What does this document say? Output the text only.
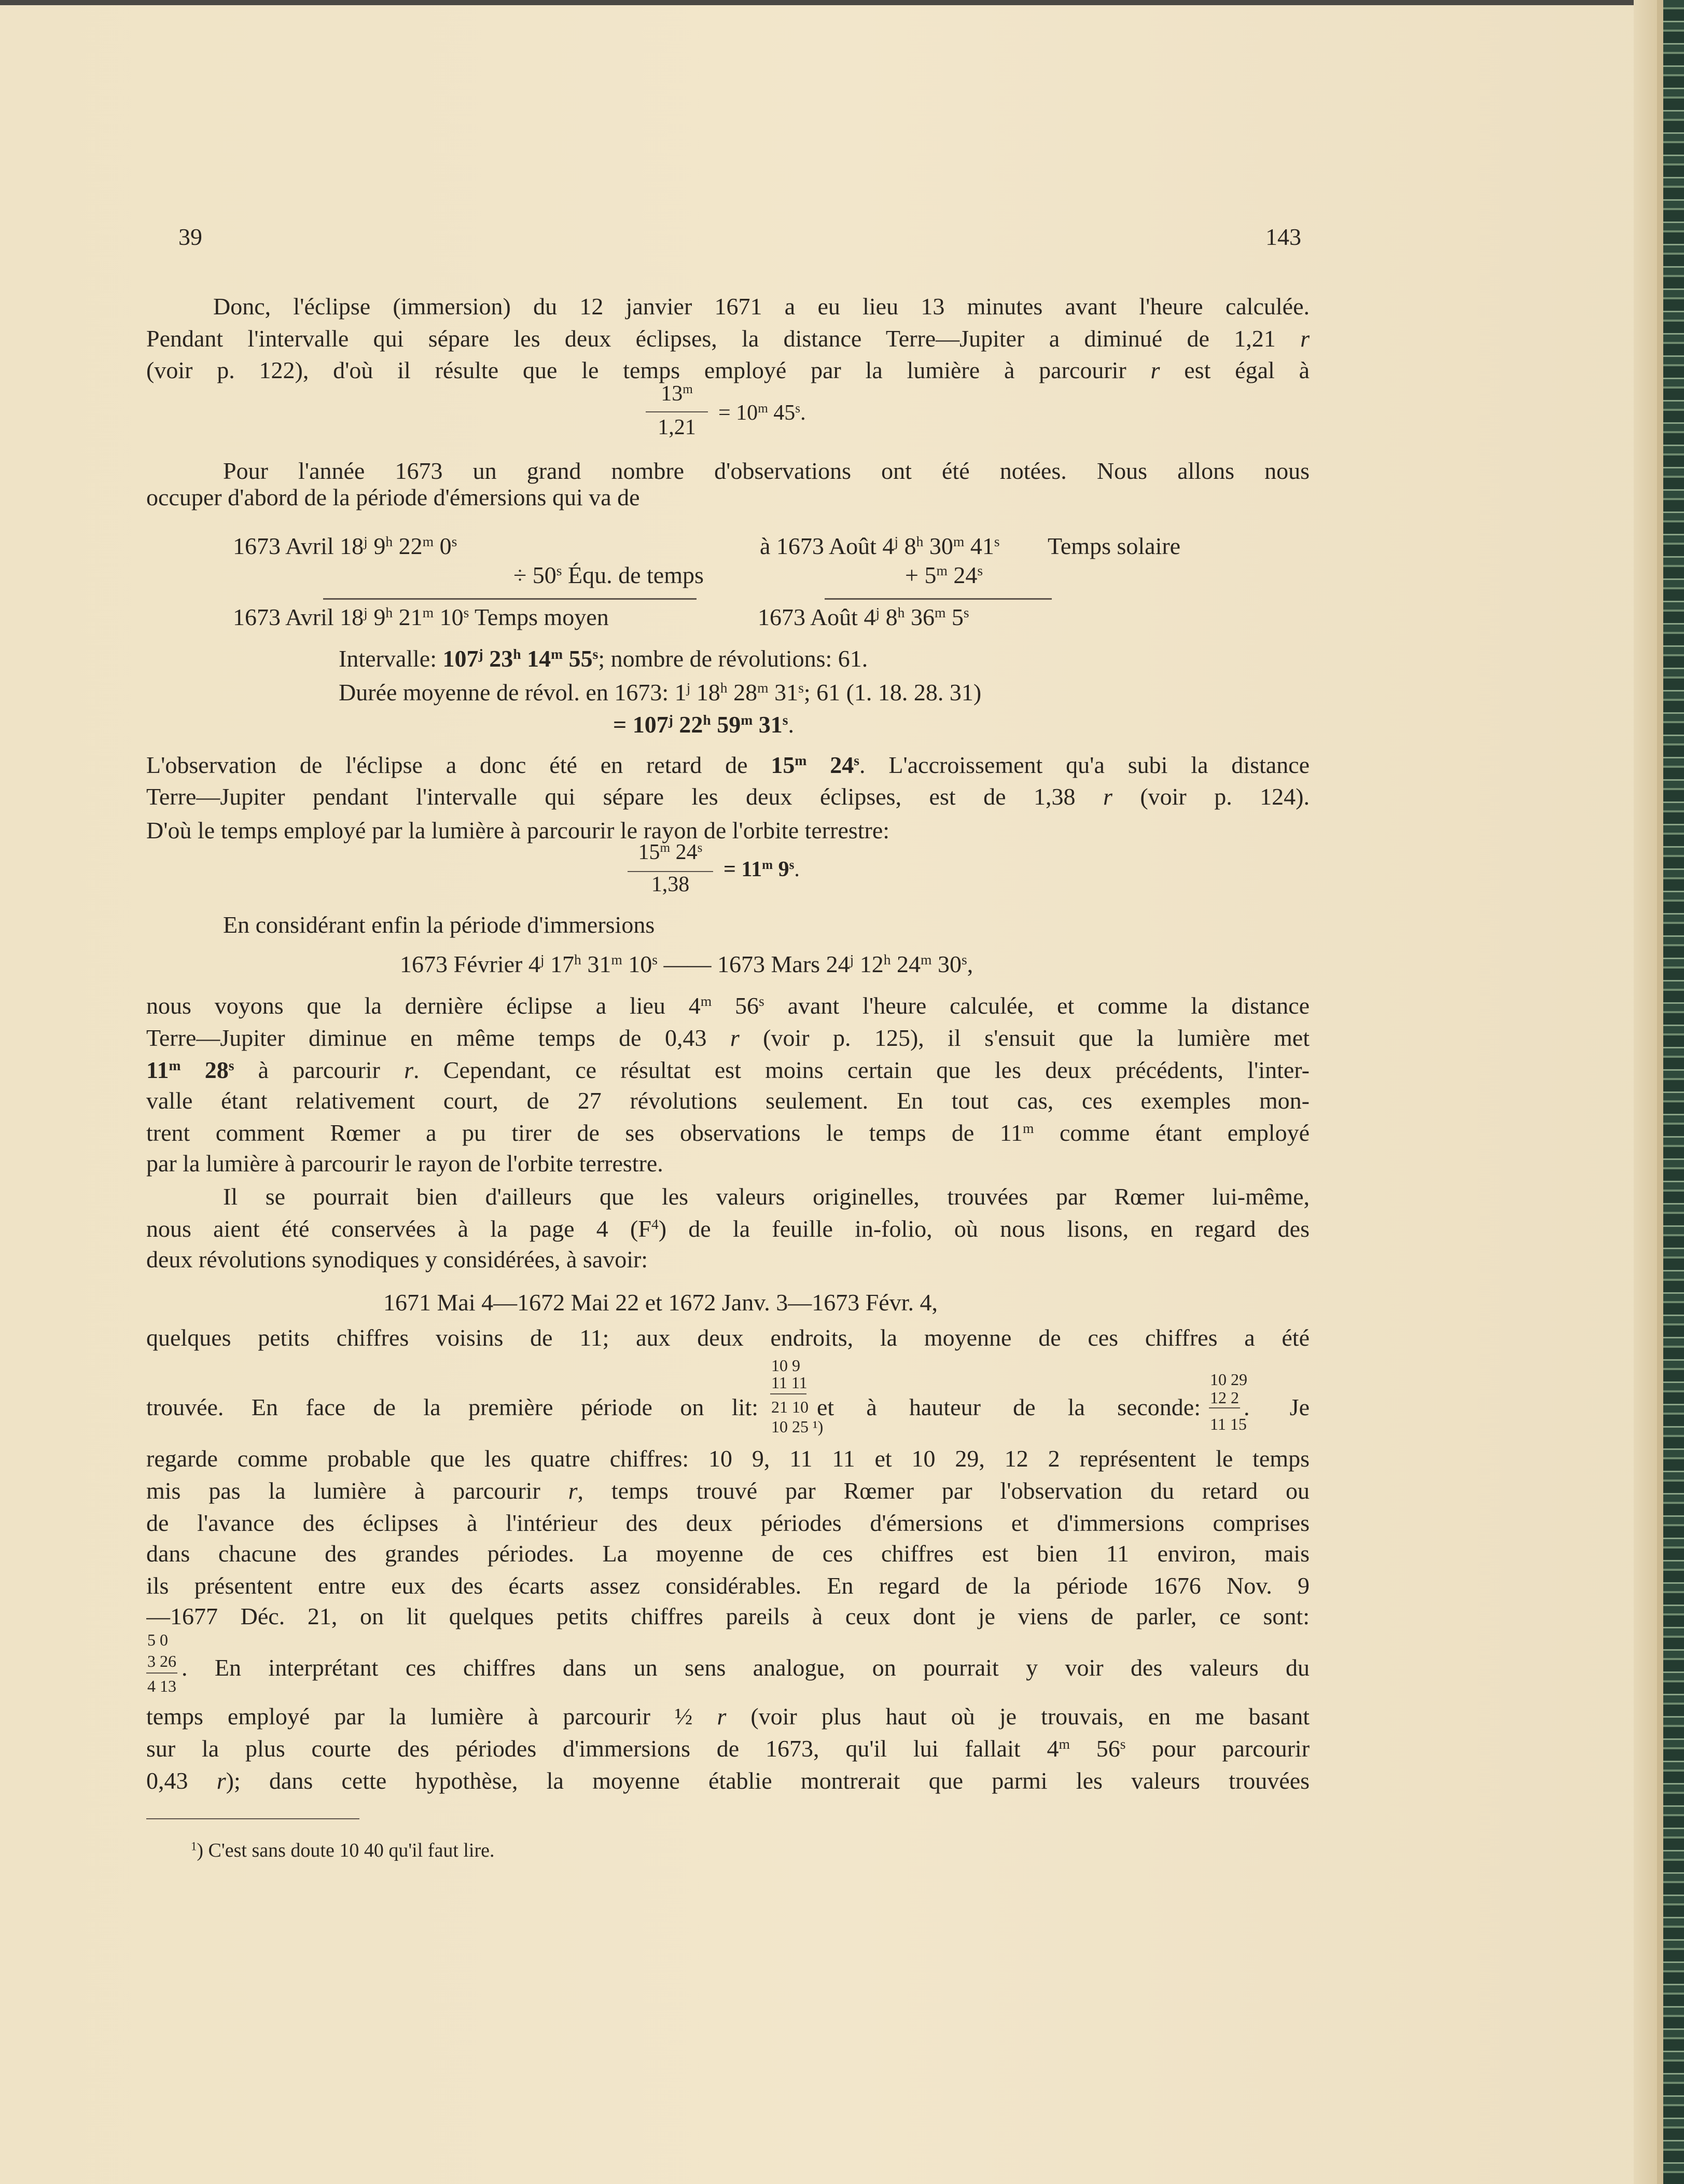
39	143
Donc, l'éclipse (immersion) du 12 janvier 1671 a eu lieu 13 minutes avant l'heure calculée.
Pendant l'intervalle qui sépare les deux éclipses, la distance Terre—Jupiter a diminué de 1,21 r
(voir p. 122), d'où il résulte que le temps employé par la lumière à parcourir r est égal à
13$^m$
1,21
= $10^m$ 45$^s$.
Pour l'année 1673 un grand nombre d'observations ont été notées. Nous allons nous
occuper d'abord de la période d'émersions qui va de
1673 Avril 18$^j$ 9$^h$ 22$^m$ 0$^s$	à 1673 Août 4$^j$ 8$^h$ 30$^m$ 41$^s$ Temps solaire
÷ $50^s$ Équ. de temps	+ $5^m$ 24$^s$
1673 Avril 18$^j$ 9$^h$ 21$^m$ 10$^s$ Temps moyen	1673 Août 4$^j$ 8$^h$ 36$^m$ 5$^s$
Intervalle: 107$^j$ 23$^h$ 14$^m$ 55$^s$; nombre de révolutions: 61.
Durée moyenne de révol. en 1673: 1$^j$ 18$^h$ 28$^m$ 31$^s$; 61 (1. 18. 28. 31)
= $107^j$ 22$^h$ 59$^m$ 31$^s$.
L'observation de l'éclipse a donc été en retard de 15$^m$ 24$^s$. L'accroissement qu'a subi la distance
Terre—Jupiter pendant l'intervalle qui sépare les deux éclipses, est de 1,38 r (voir p. 124).
D'où le temps employé par la lumière à parcourir le rayon de l'orbite terrestre:
15$^m$ 24$^s$
1,38
= $11^m$ 9$^s$.
En considérant enfin la période d'immersions
1673 Février 4$^j$ 17$^h$ 31$^m$ 10$^s$ —— 1673 Mars 24$^j$ 12$^h$ 24$^m$ 30$^s$,
nous voyons que la dernière éclipse a lieu 4$^m$ 56$^s$ avant l'heure calculée, et comme la distance
Terre—Jupiter diminue en même temps de 0,43 r (voir p. 125), il s'ensuit que la lumière met
11$^m$ 28$^s$ à parcourir r. Cependant, ce résultat est moins certain que les deux précédents, l'inter-
valle étant relativement court, de 27 révolutions seulement. En tout cas, ces exemples mon-
trent comment Rœmer a pu tirer de ses observations le temps de 11$^m$ comme étant employé
par la lumière à parcourir le rayon de l'orbite terrestre.
Il se pourrait bien d'ailleurs que les valeurs originelles, trouvées par Rœmer lui-même,
nous aient été conservées à la page 4 $(F^4)$ de la feuille in-folio, où nous lisons, en regard des
deux révolutions synodiques y considérées, à savoir:
1671 Mai 4—1672 Mai 22 et 1672 Janv. 3—1673 Févr. 4,
quelques petits chiffres voisins de 11; aux deux endroits, la moyenne de ces chiffres a été
trouvée. En face de la première période on lit:
10 9
11 11
21 10
10 25 ¹)
et à hauteur de la seconde:
10 29
12 2
11 15
. Je
regarde comme probable que les quatre chiffres: 10 9, 11 11 et 10 29, 12 2 représentent le temps
mis pas la lumière à parcourir r, temps trouvé par Rœmer par l'observation du retard ou
de l'avance des éclipses à l'intérieur des deux périodes d'émersions et d'immersions comprises
dans chacune des grandes périodes. La moyenne de ces chiffres est bien 11 environ, mais
ils présentent entre eux des écarts assez considérables. En regard de la période 1676 Nov. 9
—1677 Déc. 21, on lit quelques petits chiffres pareils à ceux dont je viens de parler, ce sont:
5 0
3 26
4 13
. En interprétant ces chiffres dans un sens analogue, on pourrait y voir des valeurs du
temps employé par la lumière à parcourir ½ r (voir plus haut où je trouvais, en me basant
sur la plus courte des périodes d'immersions de 1673, qu'il lui fallait 4$^m$ 56$^s$ pour parcourir
0,43 r); dans cette hypothèse, la moyenne établie montrerait que parmi les valeurs trouvées
$^1$) C'est sans doute 10 40 qu'il faut lire.
